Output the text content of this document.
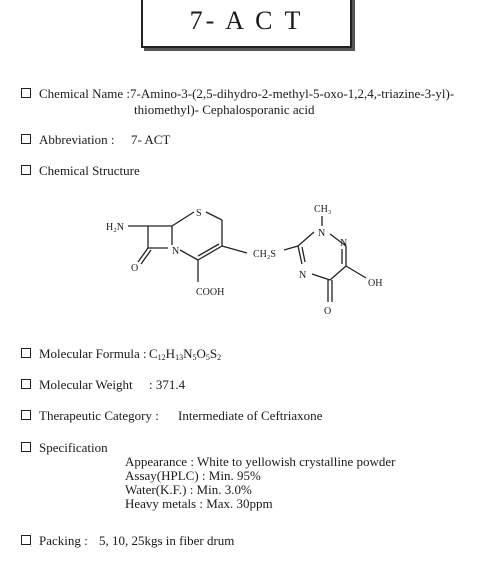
7- A C T
Chemical Name : 7-Amino-3-(2,5-dihydro-2-methyl-5-oxo-1,2,4,-triazine-3-yl)-
thiomethyl)- Cephalosporanic acid
Abbreviation : 7- ACT
Chemical Structure
H₂N
S
N
O
COOH
CH₂S
CH₃
N
N
N
OH
O
Molecular Formula : $C_{12}H_{13}N_5O_5S_2$
Molecular Weight : 371.4
Therapeutic Category : Intermediate of Ceftriaxone
Specification
Appearance : White to yellowish crystalline powder
Assay(HPLC) : Min. 95%
Water(K.F.) : Min. 3.0%
Heavy metals : Max. 30ppm
Packing : 5, 10, 25kgs in fiber drum
